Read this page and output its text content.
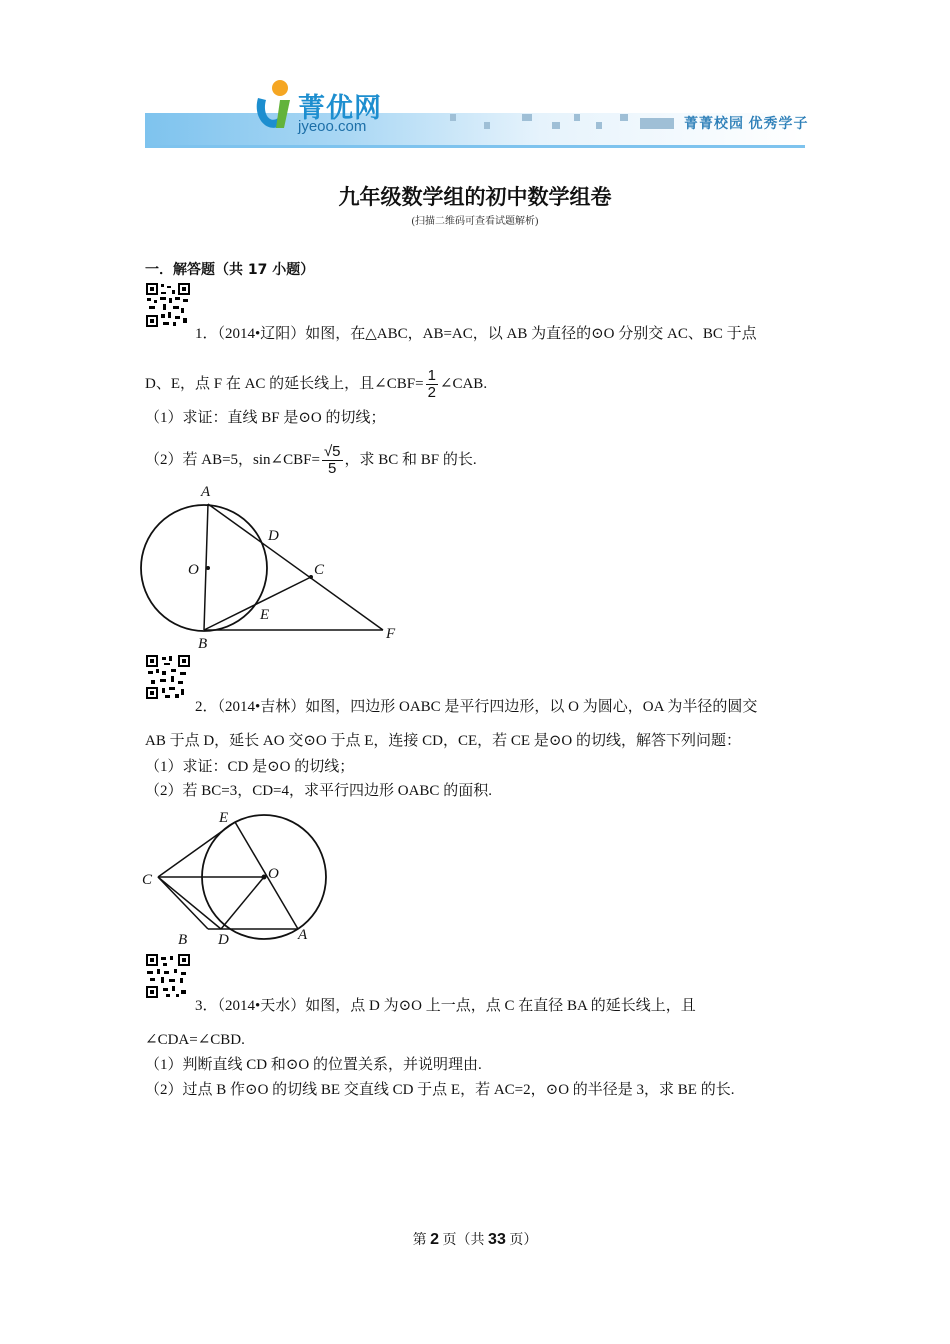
菁优网
jyeoo.com	菁菁校园 优秀学子
九年级数学组的初中数学组卷
(扫描二维码可查看试题解析)
一．解答题（共 17 小题）
1．（2014•辽阳）如图，在△ABC，AB=AC，以 AB 为直径的⊙O 分别交 AC、BC 于点
D、E，点 F 在 AC 的延长线上，且∠CBF= $\frac{1}{2}$ ∠CAB.
（1）求证：直线 BF 是⊙O 的切线；
（2）若 AB=5，sin∠CBF= $\frac{√5}{5}$ ，求 BC 和 BF 的长.
A
D
O	C
E
B
F
2．（2014•吉林）如图，四边形 OABC 是平行四边形，以 O 为圆心，OA 为半径的圆交
AB 于点 D，延长 AO 交⊙O 于点 E，连接 CD，CE，若 CE 是⊙O 的切线，解答下列问题：
（1）求证：CD 是⊙O 的切线；
（2）若 BC=3，CD=4，求平行四边形 OABC 的面积.
E
O
C
B D	A
3．（2014•天水）如图，点 D 为⊙O 上一点，点 C 在直径 BA 的延长线上，且
∠CDA=∠CBD.
（1）判断直线 CD 和⊙O 的位置关系，并说明理由.
（2）过点 B 作⊙O 的切线 BE 交直线 CD 于点 E，若 AC=2，⊙O 的半径是 3，求 BE 的长.
第 2 页（共 33 页）
